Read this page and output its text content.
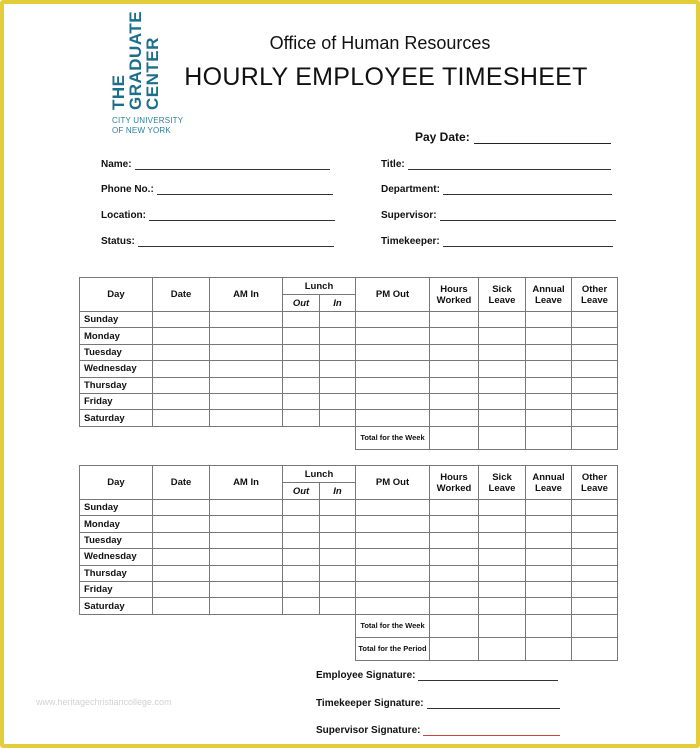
THE
GRADUATE
CENTER
CITY UNIVERSITY
OF NEW YORK
Office of Human Resources
HOURLY EMPLOYEE TIMESHEET
Pay Date:
Name:
Phone No.:
Location:
Status:
Title:
Department:
Supervisor:
Timekeeper:
Day	Date	AM In	Lunch		PM Out	Hours Worked	Sick Leave	Annual Leave	Other Leave
			Out	In					
Sunday									
Monday									
Tuesday									
Wednesday									
Thursday									
Friday									
Saturday									
					Total for the Week				
Day	Date	AM In	Lunch		PM Out	Hours Worked	Sick Leave	Annual Leave	Other Leave
			Out	In					
Sunday									
Monday									
Tuesday									
Wednesday									
Thursday									
Friday									
Saturday									
					Total for the Week				
					Total for the Period				
Employee Signature:
Timekeeper Signature:
Supervisor Signature:
www.heritagechristiancollege.com
